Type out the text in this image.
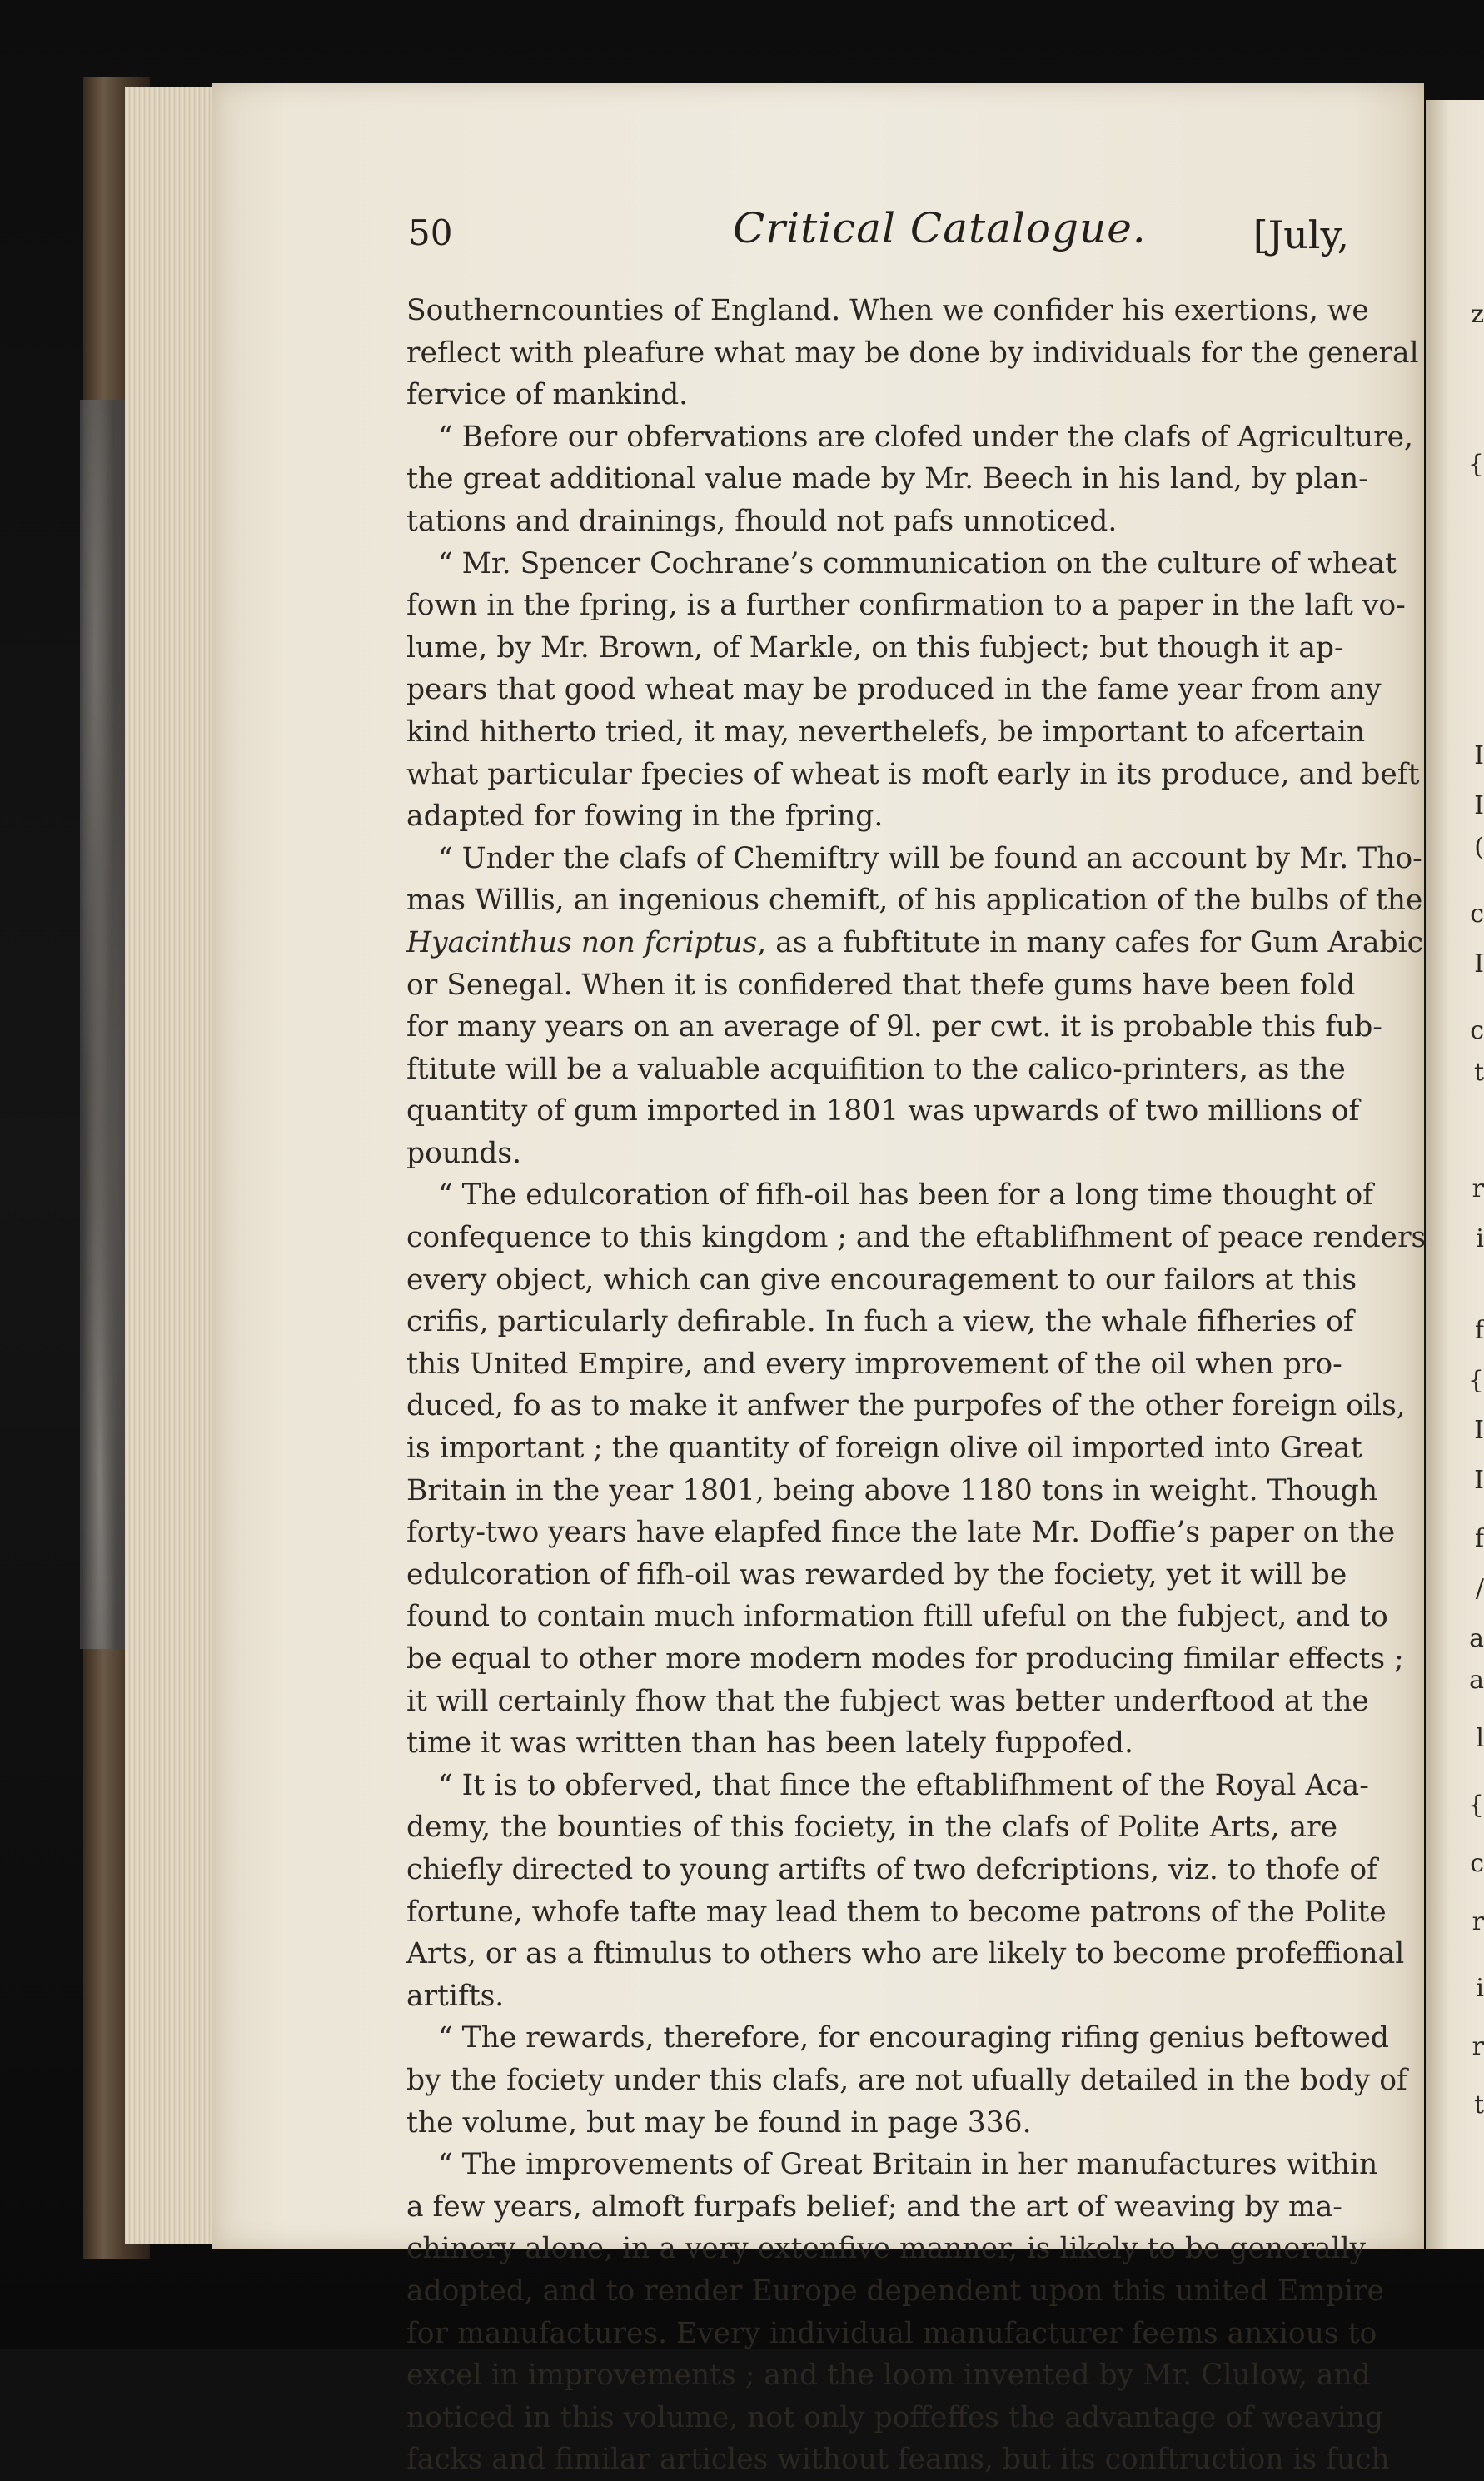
z
{
I
I
(
c
I
c
t
r
i
f
{
I
I
f
/
a
a
l
{
c
r
i
r
t
50	Critical Catalogue.	[July,
Southerncounties of England. When we confider his exertions, we
reflect with pleafure what may be done by individuals for the general
fervice of mankind.
“ Before our obfervations are clofed under the clafs of Agriculture,
the great additional value made by Mr. Beech in his land, by plan-
tations and drainings, fhould not pafs unnoticed.
“ Mr. Spencer Cochrane’s communication on the culture of wheat
fown in the fpring, is a further confirmation to a paper in the laft vo-
lume, by Mr. Brown, of Markle, on this fubject; but though it ap-
pears that good wheat may be produced in the fame year from any
kind hitherto tried, it may, neverthelefs, be important to afcertain
what particular fpecies of wheat is moft early in its produce, and beft
adapted for fowing in the fpring.
“ Under the clafs of Chemiftry will be found an account by Mr. Tho-
mas Willis, an ingenious chemift, of his application of the bulbs of the
Hyacinthus non fcriptus, as a fubftitute in many cafes for Gum Arabic
or Senegal. When it is confidered that thefe gums have been fold
for many years on an average of 9l. per cwt. it is probable this fub-
ftitute will be a valuable acquifition to the calico-printers, as the
quantity of gum imported in 1801 was upwards of two millions of
pounds.
“ The edulcoration of fifh-oil has been for a long time thought of
confequence to this kingdom ; and the eftablifhment of peace renders
every object, which can give encouragement to our failors at this
crifis, particularly defirable. In fuch a view, the whale fifheries of
this United Empire, and every improvement of the oil when pro-
duced, fo as to make it anfwer the purpofes of the other foreign oils,
is important ; the quantity of foreign olive oil imported into Great
Britain in the year 1801, being above 1180 tons in weight. Though
forty-two years have elapfed fince the late Mr. Doffie’s paper on the
edulcoration of fifh-oil was rewarded by the fociety, yet it will be
found to contain much information ftill ufeful on the fubject, and to
be equal to other more modern modes for producing fimilar effects ;
it will certainly fhow that the fubject was better underftood at the
time it was written than has been lately fuppofed.
“ It is to obferved, that fince the eftablifhment of the Royal Aca-
demy, the bounties of this fociety, in the clafs of Polite Arts, are
chiefly directed to young artifts of two defcriptions, viz. to thofe of
fortune, whofe tafte may lead them to become patrons of the Polite
Arts, or as a ftimulus to others who are likely to become profeffional
artifts.
“ The rewards, therefore, for encouraging rifing genius beftowed
by the fociety under this clafs, are not ufually detailed in the body of
the volume, but may be found in page 336.
“ The improvements of Great Britain in her manufactures within
a few years, almoft furpafs belief; and the art of weaving by ma-
chinery alone, in a very extenfive manner, is likely to be generally
adopted, and to render Europe dependent upon this united Empire
for manufactures. Every individual manufacturer feems anxious to
excel in improvements ; and the loom invented by Mr. Clulow, and
noticed in this volume, not only poffeffes the advantage of weaving
facks and fimilar articles without feams, but its conftruction is fuch
